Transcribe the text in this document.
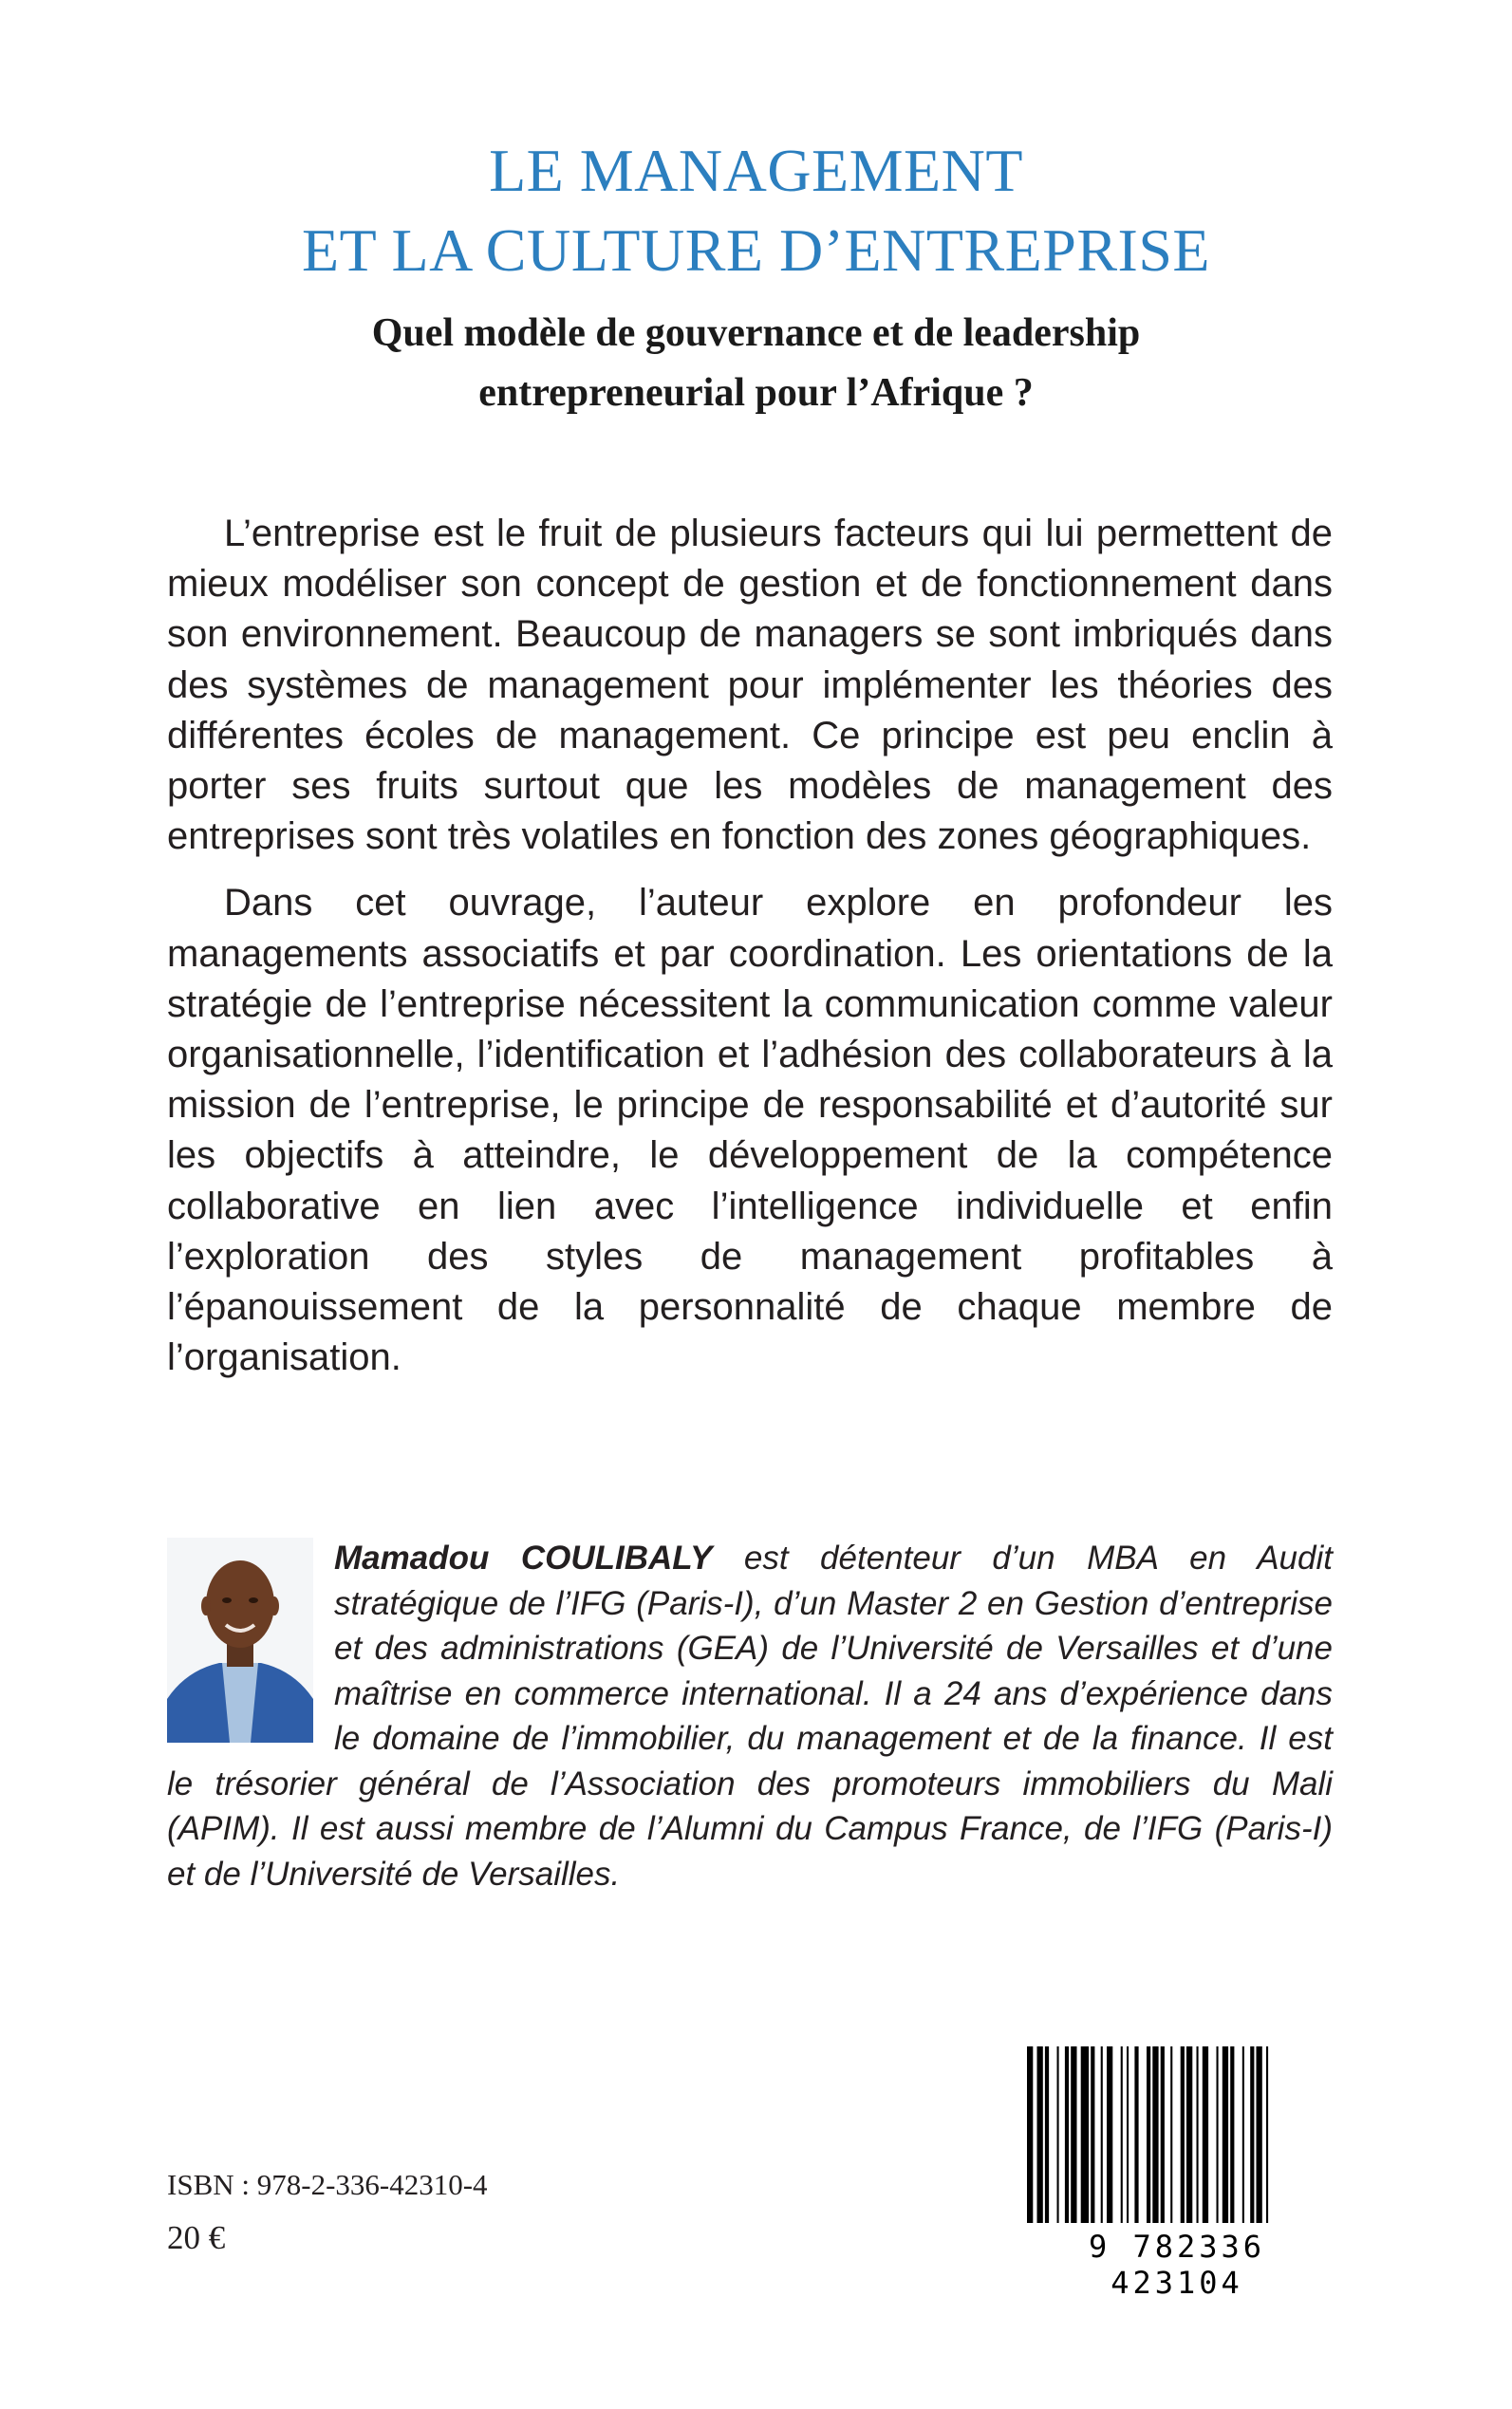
LE MANAGEMENT
ET LA CULTURE D’ENTREPRISE
Quel modèle de gouvernance et de leadership
entrepreneurial pour l’Afrique ?

L’entreprise est le fruit de plusieurs facteurs qui lui permettent de mieux modéliser son concept de gestion et de fonctionnement dans son environnement. Beaucoup de managers se sont imbriqués dans des systèmes de management pour implémenter les théories des différentes écoles de management. Ce principe est peu enclin à porter ses fruits surtout que les modèles de management des entreprises sont très volatiles en fonction des zones géographiques.

Dans cet ouvrage, l’auteur explore en profondeur les managements associatifs et par coordination. Les orientations de la stratégie de l’entreprise nécessitent la communication comme valeur organisationnelle, l’identification et l’adhésion des collaborateurs à la mission de l’entreprise, le principe de responsabilité et d’autorité sur les objectifs à atteindre, le développement de la compétence collaborative en lien avec l’intelligence individuelle et enfin l’exploration des styles de management profitables à l’épanouissement de la personnalité de chaque membre de l’organisation.

Mamadou COULIBALY est détenteur d’un MBA en Audit stratégique de l’IFG (Paris-I), d’un Master 2 en Gestion d’entreprise et des administrations (GEA) de l’Université de Versailles et d’une maîtrise en commerce international. Il a 24 ans d’expérience dans le domaine de l’immobilier, du management et de la finance. Il est le trésorier général de l’Association des promoteurs immobiliers du Mali (APIM). Il est aussi membre de l’Alumni du Campus France, de l’IFG (Paris-I) et de l’Université de Versailles.
ISBN : 978-2-336-42310-4
20 €	9 782336 423104
